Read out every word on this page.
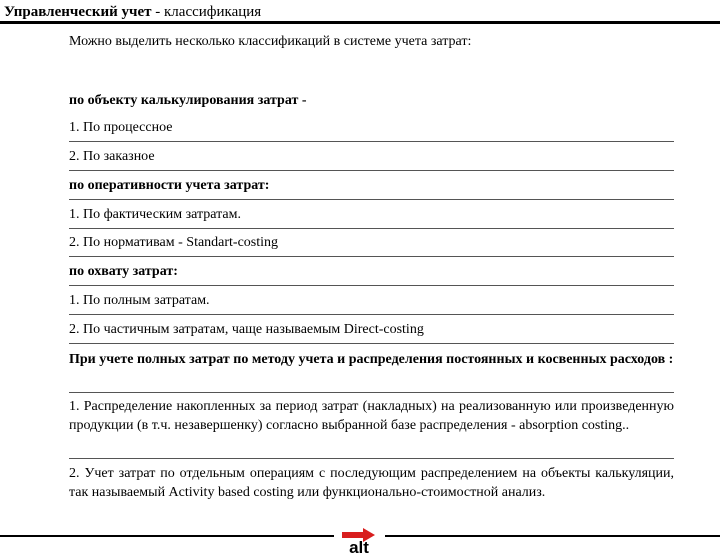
Управленческий учет - классификация
Можно выделить несколько классификаций в системе учета затрат:
по объекту калькулирования затрат -
1. По процессное
2. По заказное
по оперативности учета затрат:
1. По фактическим затратам.
2. По нормативам - Standart-costing
по охвату затрат:
1. По полным затратам.
2. По частичным затратам, чаще называемым Direct-costing
При учете полных затрат по методу учета и распределения постоянных и косвенных расходов :
1. Распределение накопленных за период затрат (накладных) на реализованную или произведенную продукции (в т.ч. незавершенку) согласно выбранной базе распределения - absorption costing..
2. Учет затрат по отдельным операциям с последующим распределением на объекты калькуляции, так называемый Activity based costing или функционально-стоимостной анализ.
alt
